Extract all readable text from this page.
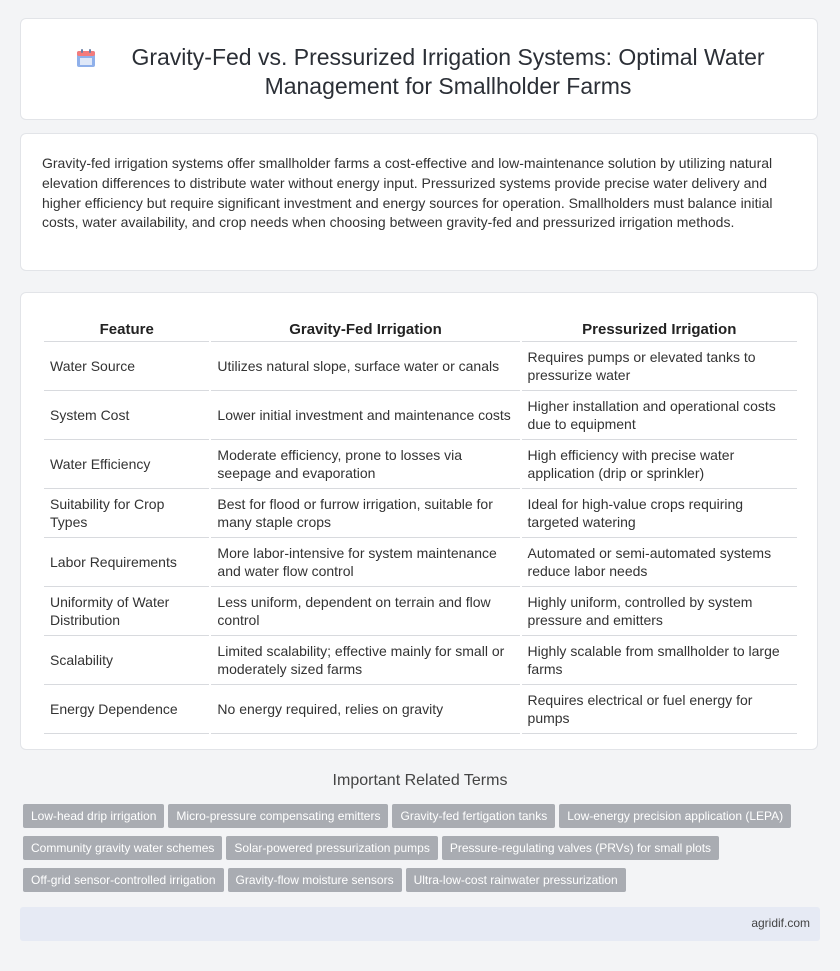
Gravity-Fed vs. Pressurized Irrigation Systems: Optimal Water Management for Smallholder Farms

Gravity-fed irrigation systems offer smallholder farms a cost-effective and low-maintenance solution by utilizing natural elevation differences to distribute water without energy input. Pressurized systems provide precise water delivery and higher efficiency but require significant investment and energy sources for operation. Smallholders must balance initial costs, water availability, and crop needs when choosing between gravity-fed and pressurized irrigation methods.

Feature	Gravity-Fed Irrigation	Pressurized Irrigation
Water Source	Utilizes natural slope, surface water or canals	Requires pumps or elevated tanks to pressurize water
System Cost	Lower initial investment and maintenance costs	Higher installation and operational costs due to equipment
Water Efficiency	Moderate efficiency, prone to losses via seepage and evaporation	High efficiency with precise water application (drip or sprinkler)
Suitability for Crop Types	Best for flood or furrow irrigation, suitable for many staple crops	Ideal for high-value crops requiring targeted watering
Labor Requirements	More labor-intensive for system maintenance and water flow control	Automated or semi-automated systems reduce labor needs
Uniformity of Water Distribution	Less uniform, dependent on terrain and flow control	Highly uniform, controlled by system pressure and emitters
Scalability	Limited scalability; effective mainly for small or moderately sized farms	Highly scalable from smallholder to large farms
Energy Dependence	No energy required, relies on gravity	Requires electrical or fuel energy for pumps
Important Related Terms
Low-head drip irrigation Micro-pressure compensating emitters Gravity-fed fertigation tanks Low-energy precision application (LEPA)
Community gravity water schemes Solar-powered pressurization pumps Pressure-regulating valves (PRVs) for small plots
Off-grid sensor-controlled irrigation Gravity-flow moisture sensors Ultra-low-cost rainwater pressurization
agridif.com
